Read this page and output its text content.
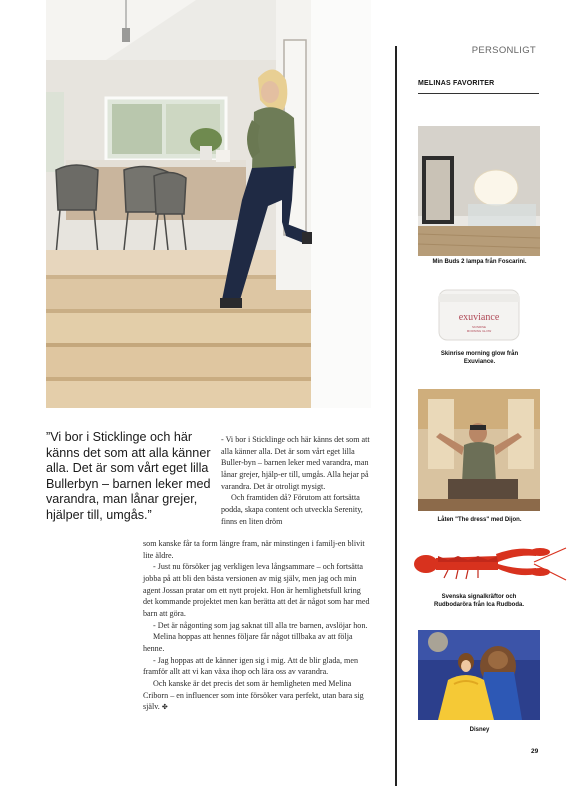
PERSONLIGT
MELINAS FAVORITER
Min Buds 2 lampa från Foscarini.
exuviance
SKINRISE
MORNING GLOW
Skinrise morning glow från Exuviance.
Låten "The dress" med Dijon.
Svenska signalkräftor och Rudbodaröra från Ica Rudboda.
Disney
”Vi bor i Sticklinge och här känns det som att alla känner alla. Det är som vårt eget lilla Bullerbyn – barnen leker med varandra, man lånar grejer, hjälper till, umgås.”

- Vi bor i Sticklinge och här känns det som att alla känner alla. Det är som vårt eget lilla Buller-byn – barnen leker med varandra, man lånar grejer, hjälp-er till, umgås. Alla hejar på varandra. Det är otroligt mysigt.

Och framtiden då? Förutom att fortsätta podda, skapa content och utveckla Serenity, finns en liten dröm

som kanske får ta form längre fram, när minstingen i familj-en blivit lite äldre.

- Just nu försöker jag verkligen leva långsammare – och fortsätta jobba på att bli den bästa versionen av mig själv, men jag och min agent Jossan pratar om ett nytt projekt. Hon är hemlighetsfull kring det kommande projektet men kan berätta att det är något som har med barn att göra.

- Det är någonting som jag saknat till alla tre barnen, avslöjar hon.

Melina hoppas att hennes följare får något tillbaka av att följa henne.

- Jag hoppas att de känner igen sig i mig. Att de blir glada, men framför allt att vi kan växa ihop och lära oss av varandra.

Och kanske är det precis det som är hemligheten med Melina Criborn – en influencer som inte försöker vara perfekt, utan bara sig själv. ✤

29
